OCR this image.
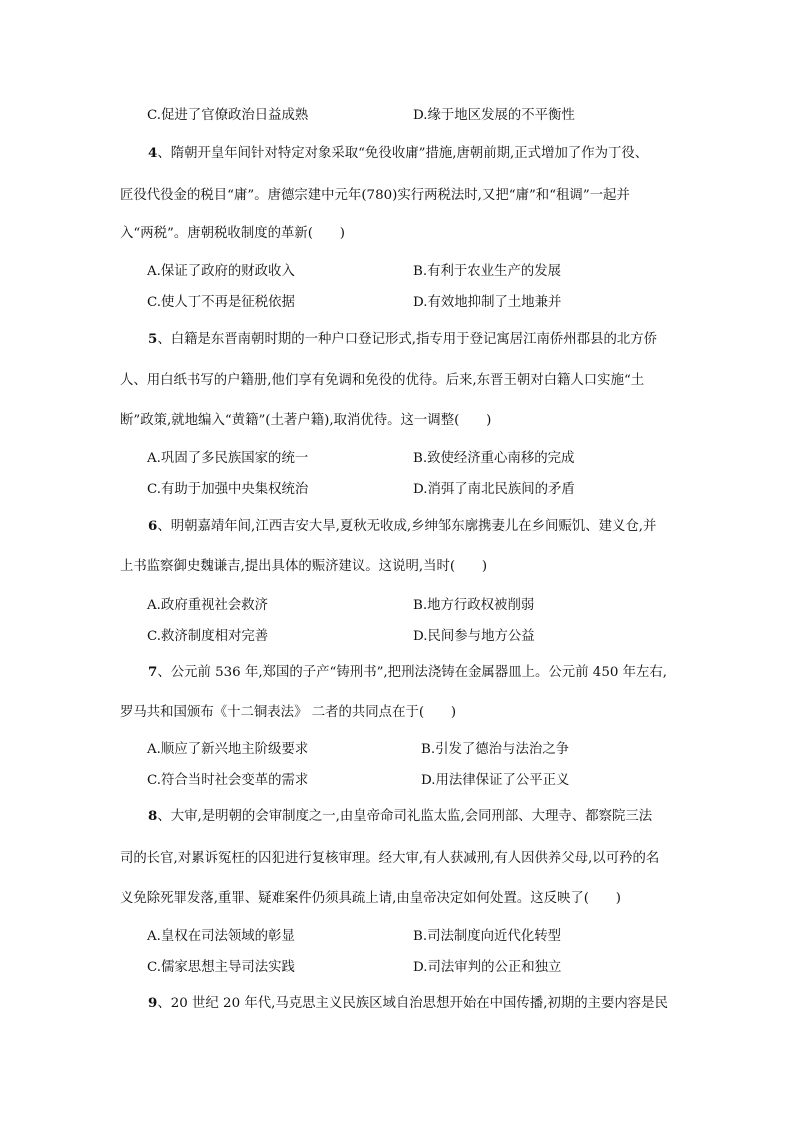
C.促进了官僚政治日益成熟	D.缘于地区发展的不平衡性
4、隋朝开皇年间针对特定对象采取“免役收庸”措施,唐朝前期,正式增加了作为丁役、
匠役代役金的税目“庸”。唐德宗建中元年(780)实行两税法时,又把“庸”和“租调”一起并
入“两税”。唐朝税收制度的革新(　　)
A.保证了政府的财政收入	B.有利于农业生产的发展
C.使人丁不再是征税依据	D.有效地抑制了土地兼并
5、白籍是东晋南朝时期的一种户口登记形式,指专用于登记寓居江南侨州郡县的北方侨
人、用白纸书写的户籍册,他们享有免调和免役的优待。后来,东晋王朝对白籍人口实施“土
断”政策,就地编入“黄籍”(土著户籍),取消优待。这一调整(　　)
A.巩固了多民族国家的统一	B.致使经济重心南移的完成
C.有助于加强中央集权统治	D.消弭了南北民族间的矛盾
6、明朝嘉靖年间,江西吉安大旱,夏秋无收成,乡绅邹东廓携妻儿在乡间赈饥、建义仓,并
上书监察御史魏谦吉,提出具体的赈济建议。这说明,当时(　　)
A.政府重视社会救济	B.地方行政权被削弱
C.救济制度相对完善	D.民间参与地方公益
7、公元前 536 年,郑国的子产“铸刑书”,把刑法浇铸在金属器皿上。公元前 450 年左右,
罗马共和国颁布《十二铜表法》 二者的共同点在于(　　)
A.顺应了新兴地主阶级要求	B.引发了德治与法治之争
C.符合当时社会变革的需求	D.用法律保证了公平正义
8、大审,是明朝的会审制度之一,由皇帝命司礼监太监,会同刑部、大理寺、都察院三法
司的长官,对累诉冤枉的囚犯进行复核审理。经大审,有人获减刑,有人因供养父母,以可矜的名
义免除死罪发落,重罪、疑难案件仍须具疏上请,由皇帝决定如何处置。这反映了(　　)
A.皇权在司法领域的彰显	B.司法制度向近代化转型
C.儒家思想主导司法实践	D.司法审判的公正和独立
9、20 世纪 20 年代,马克思主义民族区域自治思想开始在中国传播,初期的主要内容是民
